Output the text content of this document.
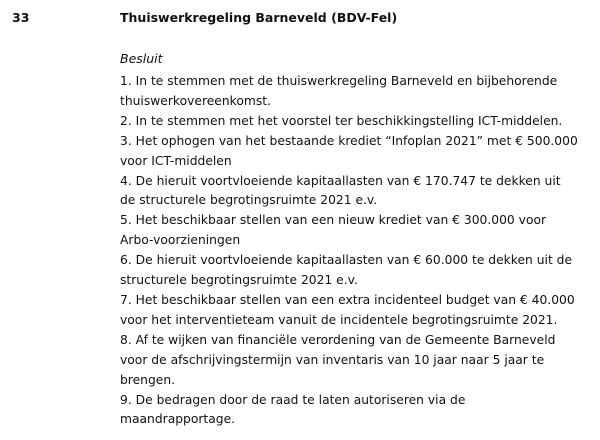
33	Thuiswerkregeling Barneveld (BDV-Fel)
Besluit
1. In te stemmen met de thuiswerkregeling Barneveld en bijbehorende
thuiswerkovereenkomst.
2. In te stemmen met het voorstel ter beschikkingstelling ICT-middelen.
3. Het ophogen van het bestaande krediet “Infoplan 2021” met € 500.000
voor ICT-middelen
4. De hieruit voortvloeiende kapitaallasten van € 170.747 te dekken uit
de structurele begrotingsruimte 2021 e.v.
5. Het beschikbaar stellen van een nieuw krediet van € 300.000 voor
Arbo-voorzieningen
6. De hieruit voortvloeiende kapitaallasten van € 60.000 te dekken uit de
structurele begrotingsruimte 2021 e.v.
7. Het beschikbaar stellen van een extra incidenteel budget van € 40.000
voor het interventieteam vanuit de incidentele begrotingsruimte 2021.
8. Af te wijken van financiële verordening van de Gemeente Barneveld
voor de afschrijvingstermijn van inventaris van 10 jaar naar 5 jaar te
brengen.
9. De bedragen door de raad te laten autoriseren via de
maandrapportage.
